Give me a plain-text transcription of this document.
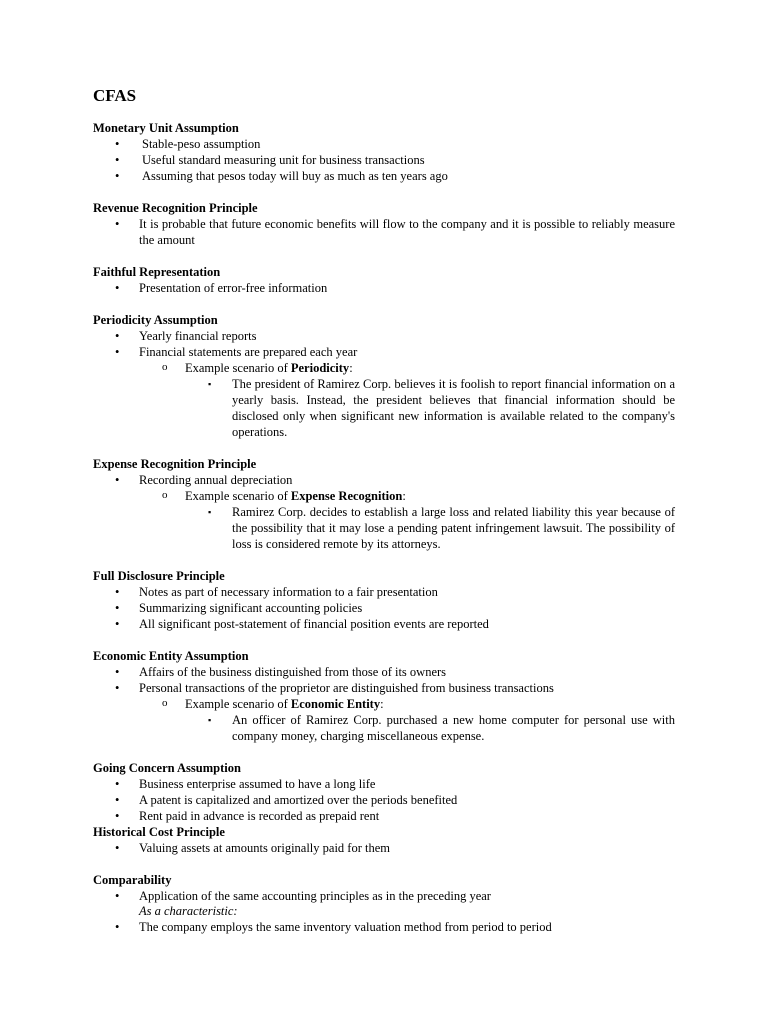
CFAS
Monetary Unit Assumption
• Stable-peso assumption
• Useful standard measuring unit for business transactions
• Assuming that pesos today will buy as much as ten years ago
Revenue Recognition Principle
• It is probable that future economic benefits will flow to the company and it is possible to reliably measure the amount
Faithful Representation
• Presentation of error-free information
Periodicity Assumption
• Yearly financial reports
• Financial statements are prepared each year
o Example scenario of Periodicity:
▪ The president of Ramirez Corp. believes it is foolish to report financial information on a yearly basis. Instead, the president believes that financial information should be disclosed only when significant new information is available related to the company's operations.
Expense Recognition Principle
• Recording annual depreciation
o Example scenario of Expense Recognition:
▪ Ramirez Corp. decides to establish a large loss and related liability this year because of the possibility that it may lose a pending patent infringement lawsuit. The possibility of loss is considered remote by its attorneys.
Full Disclosure Principle
• Notes as part of necessary information to a fair presentation
• Summarizing significant accounting policies
• All significant post-statement of financial position events are reported
Economic Entity Assumption
• Affairs of the business distinguished from those of its owners
• Personal transactions of the proprietor are distinguished from business transactions
o Example scenario of Economic Entity:
▪ An officer of Ramirez Corp. purchased a new home computer for personal use with company money, charging miscellaneous expense.
Going Concern Assumption
• Business enterprise assumed to have a long life
• A patent is capitalized and amortized over the periods benefited
• Rent paid in advance is recorded as prepaid rent
Historical Cost Principle
• Valuing assets at amounts originally paid for them
Comparability
• Application of the same accounting principles as in the preceding year
As a characteristic:
• The company employs the same inventory valuation method from period to period
